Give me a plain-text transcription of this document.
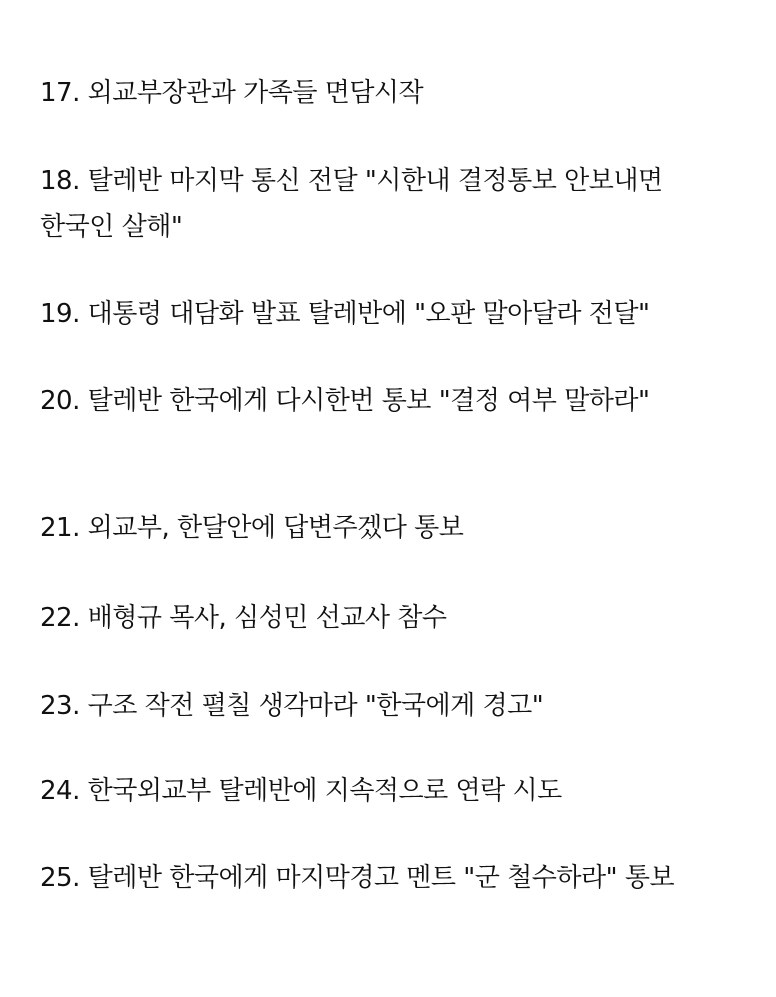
17. 외교부장관과 가족들 면담시작

18. 탈레반 마지막 통신 전달 "시한내 결정통보 안보내면 한국인 살해"

19. 대통령 대담화 발표 탈레반에 "오판 말아달라 전달"

20. 탈레반 한국에게 다시한번 통보 "결정 여부 말하라"

21. 외교부, 한달안에 답변주겠다 통보

22. 배형규 목사, 심성민 선교사 참수

23. 구조 작전 펼칠 생각마라 "한국에게 경고"

24. 한국외교부 탈레반에 지속적으로 연락 시도

25. 탈레반 한국에게 마지막경고 멘트 "군 철수하라" 통보
